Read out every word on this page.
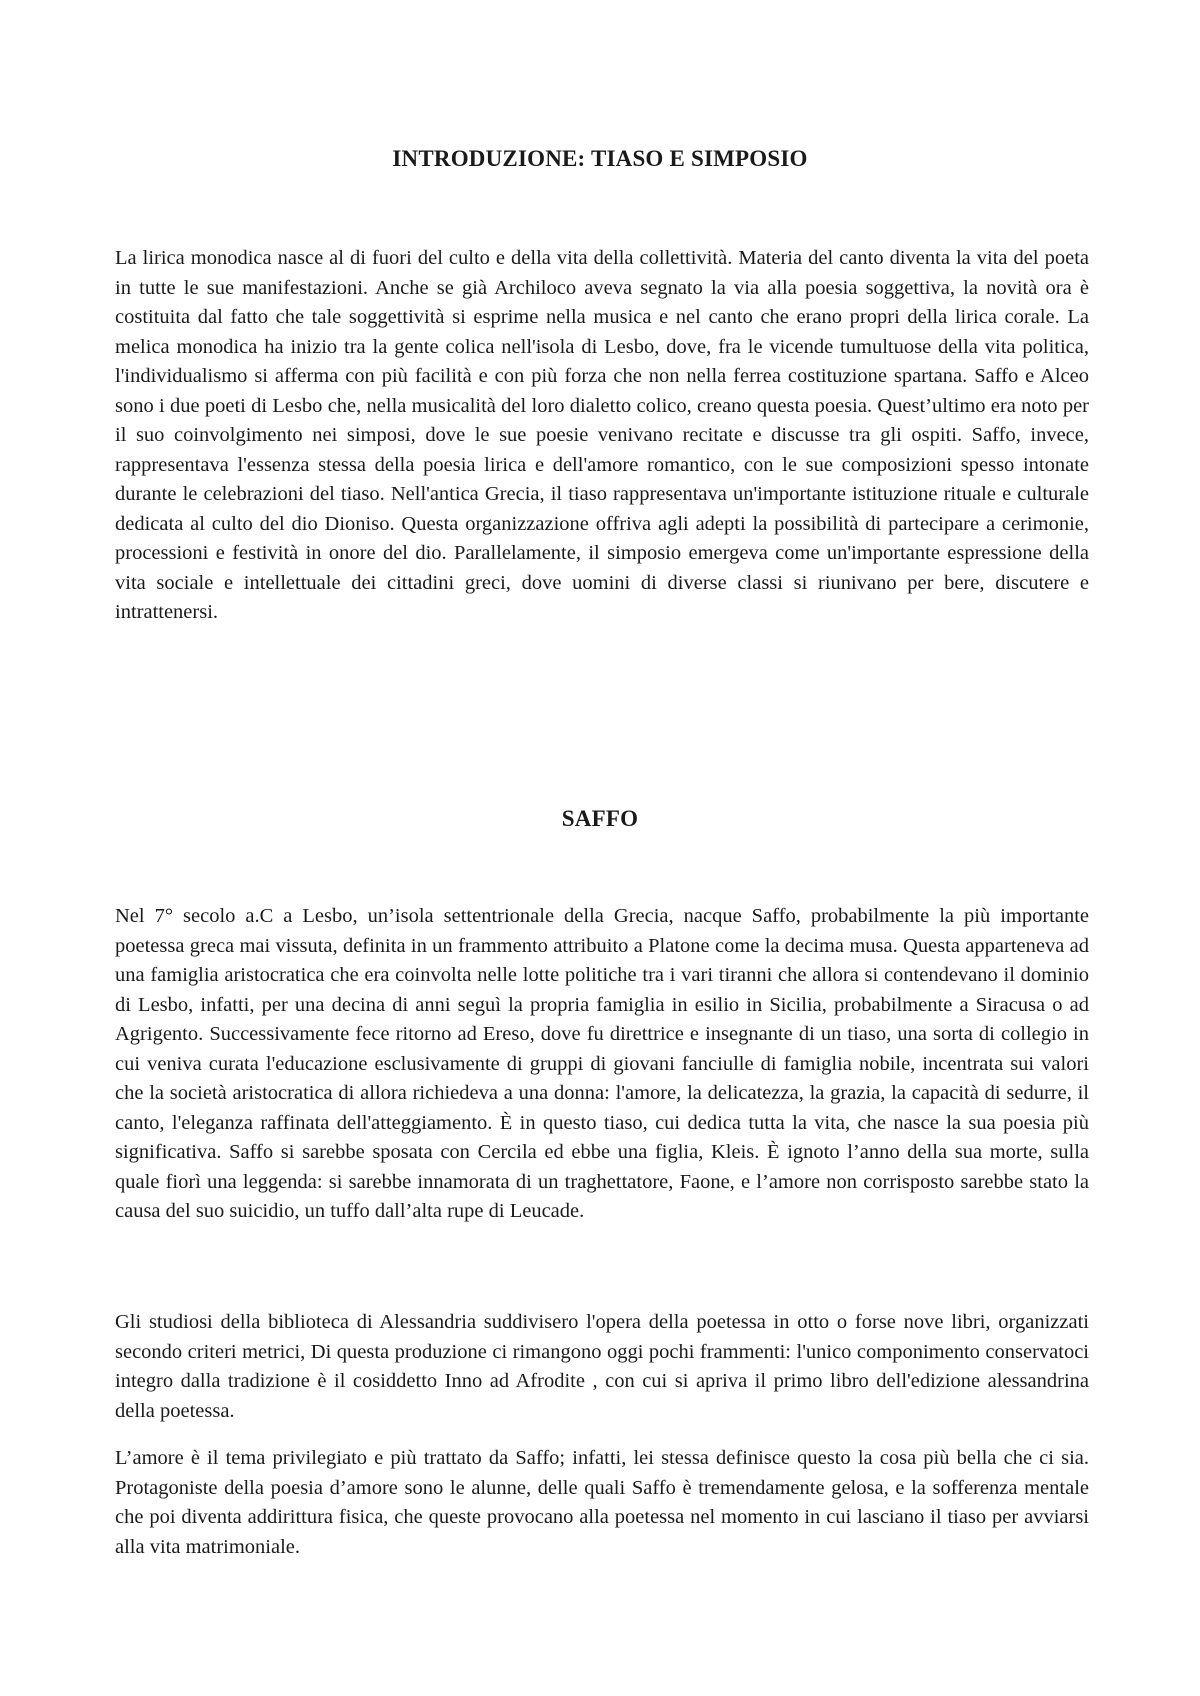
INTRODUZIONE: TIASO E SIMPOSIO

La lirica monodica nasce al di fuori del culto e della vita della collettività. Materia del canto diventa la vita del poeta in tutte le sue manifestazioni. Anche se già Archiloco aveva segnato la via alla poesia soggettiva, la novità ora è costituita dal fatto che tale soggettività si esprime nella musica e nel canto che erano propri della lirica corale. La melica monodica ha inizio tra la gente colica nell'isola di Lesbo, dove, fra le vicende tumultuose della vita politica, l'individualismo si afferma con più facilità e con più forza che non nella ferrea costituzione spartana. Saffo e Alceo sono i due poeti di Lesbo che, nella musicalità del loro dialetto colico, creano questa poesia. Quest’ultimo era noto per il suo coinvolgimento nei simposi, dove le sue poesie venivano recitate e discusse tra gli ospiti. Saffo, invece, rappresentava l'essenza stessa della poesia lirica e dell'amore romantico, con le sue composizioni spesso intonate durante le celebrazioni del tiaso. Nell'antica Grecia, il tiaso rappresentava un'importante istituzione rituale e culturale dedicata al culto del dio Dioniso. Questa organizzazione offriva agli adepti la possibilità di partecipare a cerimonie, processioni e festività in onore del dio. Parallelamente, il simposio emergeva come un'importante espressione della vita sociale e intellettuale dei cittadini greci, dove uomini di diverse classi si riunivano per bere, discutere e intrattenersi.

SAFFO

Nel 7° secolo a.C a Lesbo, un’isola settentrionale della Grecia, nacque Saffo, probabilmente la più importante poetessa greca mai vissuta, definita in un frammento attribuito a Platone come la decima musa. Questa apparteneva ad una famiglia aristocratica che era coinvolta nelle lotte politiche tra i vari tiranni che allora si contendevano il dominio di Lesbo, infatti, per una decina di anni seguì la propria famiglia in esilio in Sicilia, probabilmente a Siracusa o ad Agrigento. Successivamente fece ritorno ad Ereso, dove fu direttrice e insegnante di un tiaso, una sorta di collegio in cui veniva curata l'educazione esclusivamente di gruppi di giovani fanciulle di famiglia nobile, incentrata sui valori che la società aristocratica di allora richiedeva a una donna: l'amore, la delicatezza, la grazia, la capacità di sedurre, il canto, l'eleganza raffinata dell'atteggiamento. È in questo tiaso, cui dedica tutta la vita, che nasce la sua poesia più significativa. Saffo si sarebbe sposata con Cercila ed ebbe una figlia, Kleis. È ignoto l’anno della sua morte, sulla quale fiorì una leggenda: si sarebbe innamorata di un traghettatore, Faone, e l’amore non corrisposto sarebbe stato la causa del suo suicidio, un tuffo dall’alta rupe di Leucade.

Gli studiosi della biblioteca di Alessandria suddivisero l'opera della poetessa in otto o forse nove libri, organizzati secondo criteri metrici, Di questa produzione ci rimangono oggi pochi frammenti: l'unico componimento conservatoci integro dalla tradizione è il cosiddetto Inno ad Afrodite , con cui si apriva il primo libro dell'edizione alessandrina della poetessa.

L’amore è il tema privilegiato e più trattato da Saffo; infatti, lei stessa definisce questo la cosa più bella che ci sia. Protagoniste della poesia d’amore sono le alunne, delle quali Saffo è tremendamente gelosa, e la sofferenza mentale che poi diventa addirittura fisica, che queste provocano alla poetessa nel momento in cui lasciano il tiaso per avviarsi alla vita matrimoniale.
